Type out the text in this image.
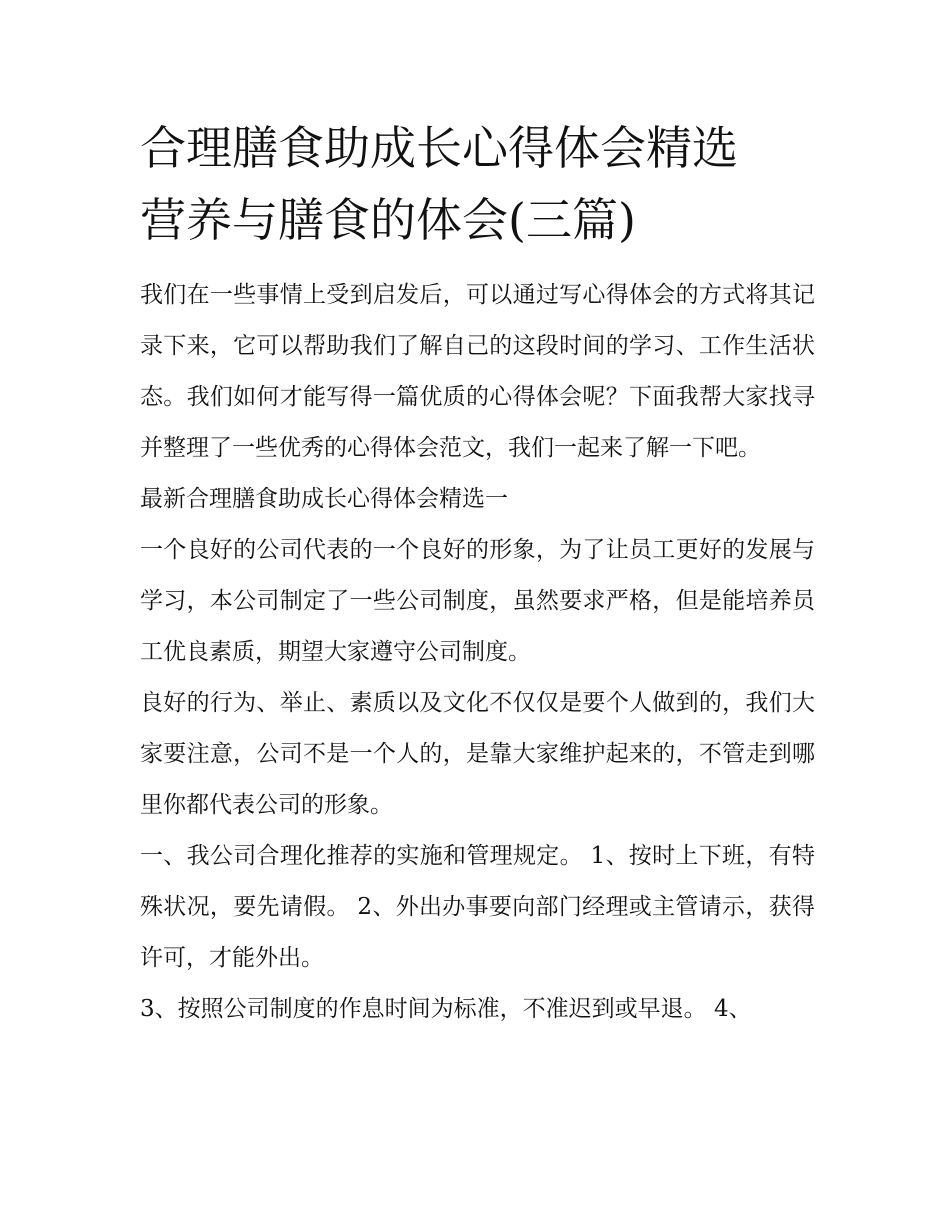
合理膳食助成长心得体会精选
营养与膳食的体会(三篇)

我们在一些事情上受到启发后，可以通过写心得体会的方式将其记录下来，它可以帮助我们了解自己的这段时间的学习、工作生活状态。我们如何才能写得一篇优质的心得体会呢？下面我帮大家找寻并整理了一些优秀的心得体会范文，我们一起来了解一下吧。

最新合理膳食助成长心得体会精选一

一个良好的公司代表的一个良好的形象，为了让员工更好的发展与学习，本公司制定了一些公司制度，虽然要求严格，但是能培养员工优良素质，期望大家遵守公司制度。

良好的行为、举止、素质以及文化不仅仅是要个人做到的，我们大家要注意，公司不是一个人的，是靠大家维护起来的，不管走到哪里你都代表公司的形象。

一、我公司合理化推荐的实施和管理规定。 1、按时上下班，有特殊状况，要先请假。 2、外出办事要向部门经理或主管请示，获得许可，才能外出。

3、按照公司制度的作息时间为标准，不准迟到或早退。 4、
